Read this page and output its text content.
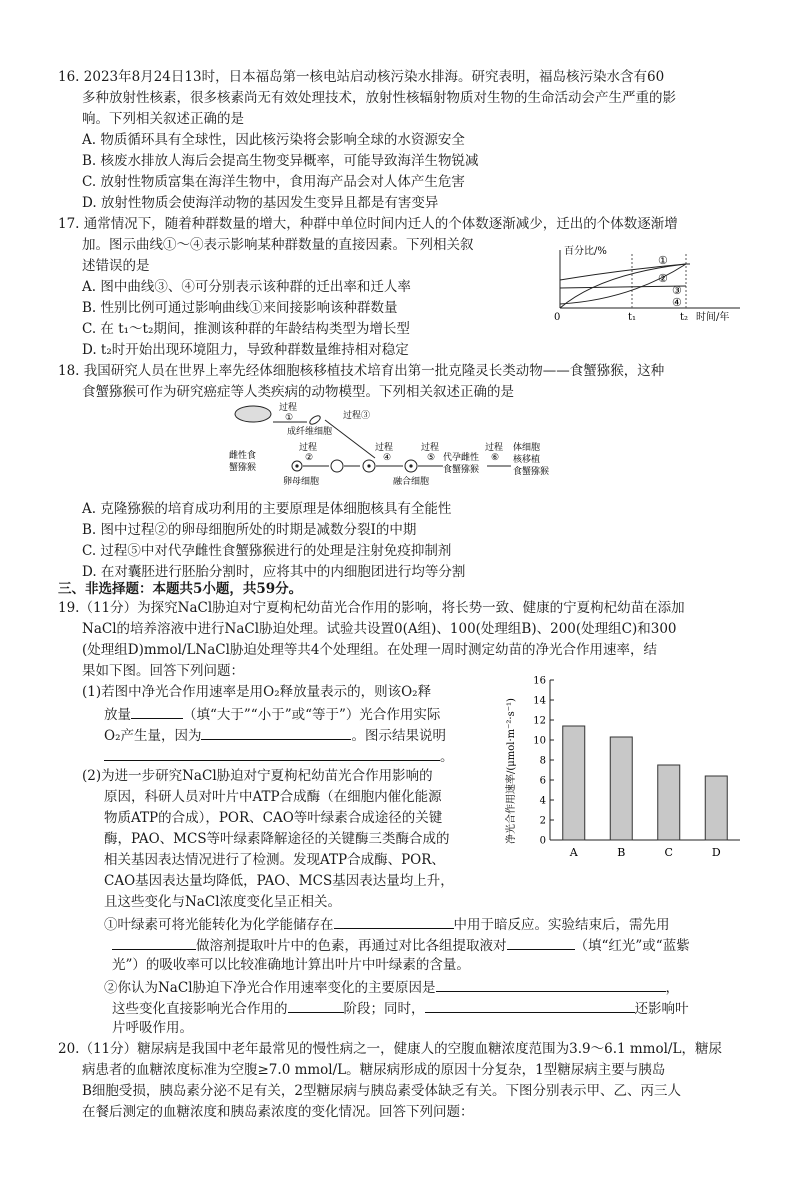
16. 2023年8月24日13时，日本福岛第一核电站启动核污染水排海。研究表明，福岛核污染水含有60
多种放射性核素，很多核素尚无有效处理技术，放射性核辐射物质对生物的生命活动会产生严重的影
响。下列相关叙述正确的是
A. 物质循环具有全球性，因此核污染将会影响全球的水资源安全
B. 核废水排放人海后会提高生物变异概率，可能导致海洋生物锐减
C. 放射性物质富集在海洋生物中，食用海产品会对人体产生危害
D. 放射性物质会使海洋动物的基因发生变异且都是有害变异
17. 通常情况下，随着种群数量的增大，种群中单位时间内迁人的个体数逐渐减少，迁出的个体数逐渐增
加。图示曲线①～④表示影响某种群数量的直接因素。下列相关叙
述错误的是
A. 图中曲线③、④可分别表示该种群的迁出率和迁人率
B. 性别比例可通过影响曲线①来间接影响该种群数量
C. 在 t₁～t₂期间，推测该种群的年龄结构类型为增长型
D. t₂时开始出现环境阻力，导致种群数量维持相对稳定
百分比/%
时间/年
0	t₁	t₂
①
②
③
④
18. 我国研究人员在世界上率先经体细胞核移植技术培育出第一批克隆灵长类动物——食蟹猕猴，这种
食蟹猕猴可作为研究癌症等人类疾病的动物模型。下列相关叙述正确的是
过程
①
成纤维细胞
过程③
雌性食
蟹猕猴
过程
②
卵母细胞
过程
④
融合细胞
过程
⑤ 代孕雌性
食蟹猕猴
过程
⑥
体细胞
核移植
食蟹猕猴
A. 克隆猕猴的培育成功利用的主要原理是体细胞核具有全能性
B. 图中过程②的卵母细胞所处的时期是减数分裂Ⅰ的中期
C. 过程⑤中对代孕雌性食蟹猕猴进行的处理是注射免疫抑制剂
D. 在对囊胚进行胚胎分割时，应将其中的内细胞团进行均等分割
三、非选择题：本题共5小题，共59分。
19.（11分）为探究NaCl胁迫对宁夏枸杞幼苗光合作用的影响，将长势一致、健康的宁夏枸杞幼苗在添加
NaCl的培养溶液中进行NaCl胁迫处理。试验共设置0(A组)、100(处理组B)、200(处理组C)和300
(处理组D)mmol/LNaCl胁迫处理等共4个处理组。在处理一周时测定幼苗的净光合作用速率，结
果如下图。回答下列问题：
(1)若图中净光合作用速率是用O₂释放量表示的，则该O₂释
放量	（填“大于”“小于”或“等于”）光合作用实际
O₂产生量，因为	。图示结果说明
。
(2)为进一步研究NaCl胁迫对宁夏枸杞幼苗光合作用影响的
原因，科研人员对叶片中ATP合成酶（在细胞内催化能源
物质ATP的合成），POR、CAO等叶绿素合成途径的关键
酶，PAO、MCS等叶绿素降解途径的关键酶三类酶合成的
相关基因表达情况进行了检测。发现ATP合成酶、POR、
CAO基因表达量均降低，PAO、MCS基因表达量均上升，
且这些变化与NaCl浓度变化呈正相关。
①叶绿素可将光能转化为化学能储存在	中用于暗反应。实验结束后，需先用
做溶剂提取叶片中的色素，再通过对比各组提取液对	（填“红光”或“蓝紫
光”）的吸收率可以比较准确地计算出叶片中叶绿素的含量。
②你认为NaCl胁迫下净光合作用速率变化的主要原因是	，
这些变化直接影响光合作用的	阶段；同时，	还影响叶
片呼吸作用。
净光合作用速率/(μmol·m⁻²·s⁻¹) 0
2
4
6
8
10
12
14
16
A	B	C	D
20.（11分）糖尿病是我国中老年最常见的慢性病之一，健康人的空腹血糖浓度范围为3.9～6.1 mmol/L，糖尿
病患者的血糖浓度标准为空腹≥7.0 mmol/L。糖尿病形成的原因十分复杂，1型糖尿病主要与胰岛
B细胞受损，胰岛素分泌不足有关，2型糖尿病与胰岛素受体缺乏有关。下图分别表示甲、乙、丙三人
在餐后测定的血糖浓度和胰岛素浓度的变化情况。回答下列问题：
